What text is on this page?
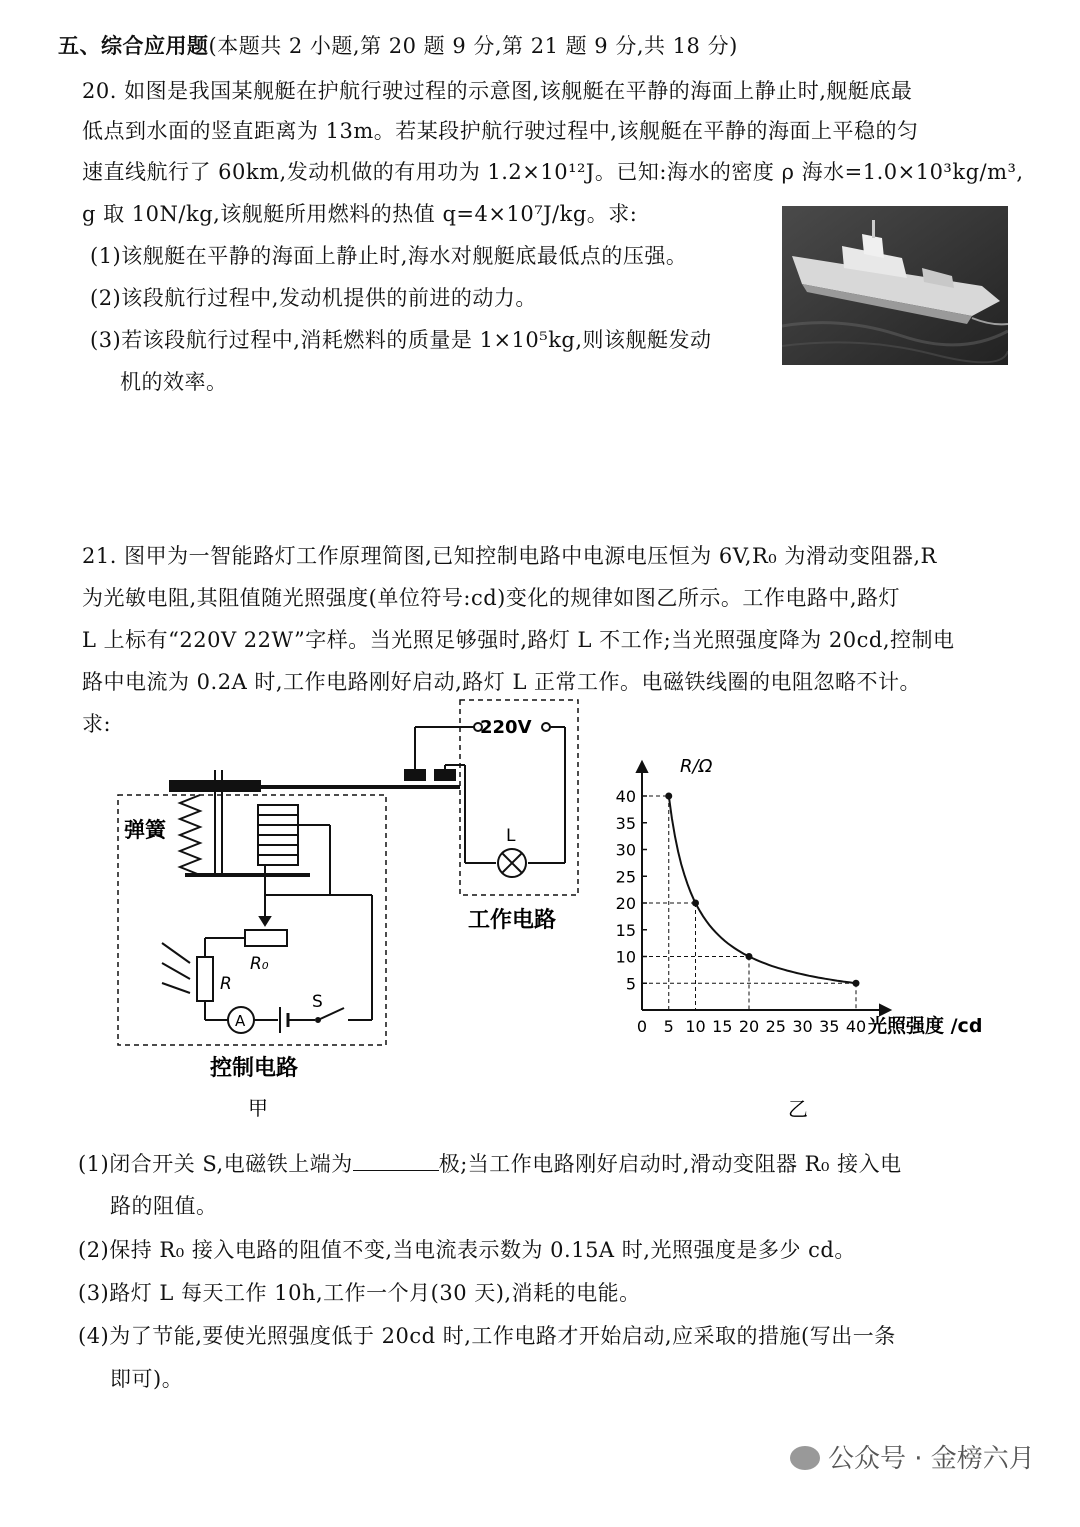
五、综合应用题(本题共 2 小题,第 20 题 9 分,第 21 题 9 分,共 18 分)
20. 如图是我国某舰艇在护航行驶过程的示意图,该舰艇在平静的海面上静止时,舰艇底最
低点到水面的竖直距离为 13m。若某段护航行驶过程中,该舰艇在平静的海面上平稳的匀
速直线航行了 60km,发动机做的有用功为 1.2×10¹²J。已知:海水的密度 ρ 海水=1.0×10³kg/m³,
g 取 10N/kg,该舰艇所用燃料的热值 q=4×10⁷J/kg。求:
(1)该舰艇在平静的海面上静止时,海水对舰艇底最低点的压强。
(2)该段航行过程中,发动机提供的前进的动力。
(3)若该段航行过程中,消耗燃料的质量是 1×10⁵kg,则该舰艇发动
机的效率。
21. 图甲为一智能路灯工作原理简图,已知控制电路中电源电压恒为 6V,R₀ 为滑动变阻器,R
为光敏电阻,其阻值随光照强度(单位符号:cd)变化的规律如图乙所示。工作电路中,路灯
L 上标有“220V 22W”字样。当光照足够强时,路灯 L 不工作;当光照强度降为 20cd,控制电
路中电流为 0.2A 时,工作电路刚好启动,路灯 L 正常工作。电磁铁线圈的电阻忽略不计。
求:	220V
L
弹簧
R₀
R
A
S
工作电路
控制电路
甲
0 5 10 15 20 25 30 35 40
5
10
15
20
25
30
35
40
R/Ω
光照强度 /cd
乙
(1)闭合开关 S,电磁铁上端为	极;当工作电路刚好启动时,滑动变阻器 R₀ 接入电
路的阻值。
(2)保持 R₀ 接入电路的阻值不变,当电流表示数为 0.15A 时,光照强度是多少 cd。
(3)路灯 L 每天工作 10h,工作一个月(30 天),消耗的电能。
(4)为了节能,要使光照强度低于 20cd 时,工作电路才开始启动,应采取的措施(写出一条
即可)。
公众号 · 金榜六月
